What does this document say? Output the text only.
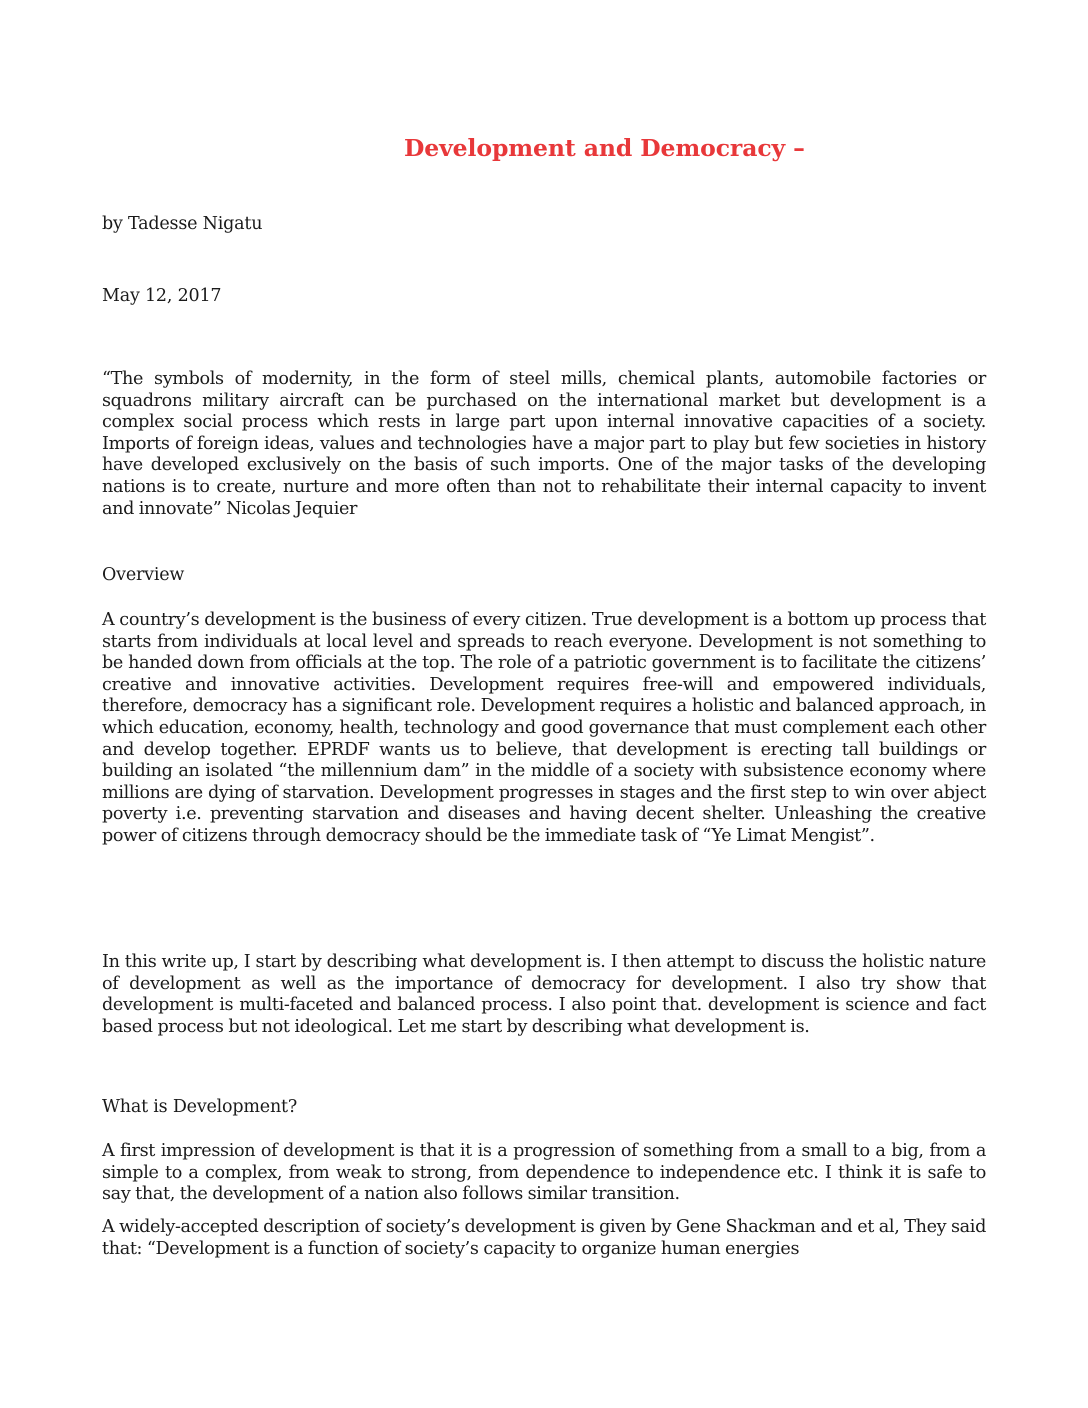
Development and Democracy –

by Tadesse Nigatu

May 12, 2017

“The symbols of modernity, in the form of steel mills, chemical plants, automobile factories or squadrons military aircraft can be purchased on the international market but development is a complex social process which rests in large part upon internal innovative capacities of a society. Imports of foreign ideas, values and technologies have a major part to play but few societies in history have developed exclusively on the basis of such imports. One of the major tasks of the developing nations is to create, nurture and more often than not to rehabilitate their internal capacity to invent and innovate” Nicolas Jequier

Overview

A country’s development is the business of every citizen. True development is a bottom up process that starts from individuals at local level and spreads to reach everyone. Development is not something to be handed down from officials at the top. The role of a patriotic government is to facilitate the citizens’ creative and innovative activities. Development requires free-will and empowered individuals, therefore, democracy has a significant role. Development requires a holistic and balanced approach, in which education, economy, health, technology and good governance that must complement each other and develop together. EPRDF wants us to believe, that development is erecting tall buildings or building an isolated “the millennium dam” in the middle of a society with subsistence economy where millions are dying of starvation. Development progresses in stages and the first step to win over abject poverty i.e. preventing starvation and diseases and having decent shelter. Unleashing the creative power of citizens through democracy should be the immediate task of “Ye Limat Mengist”.

In this write up, I start by describing what development is. I then attempt to discuss the holistic nature of development as well as the importance of democracy for development. I also try show that development is multi-faceted and balanced process. I also point that. development is science and fact based process but not ideological. Let me start by describing what development is.

What is Development?

A first impression of development is that it is a progression of something from a small to a big, from a simple to a complex, from weak to strong, from dependence to independence etc. I think it is safe to say that, the development of a nation also follows similar transition.

A widely-accepted description of society’s development is given by Gene Shackman and et al, They said that: “Development is a function of society’s capacity to organize human energies
